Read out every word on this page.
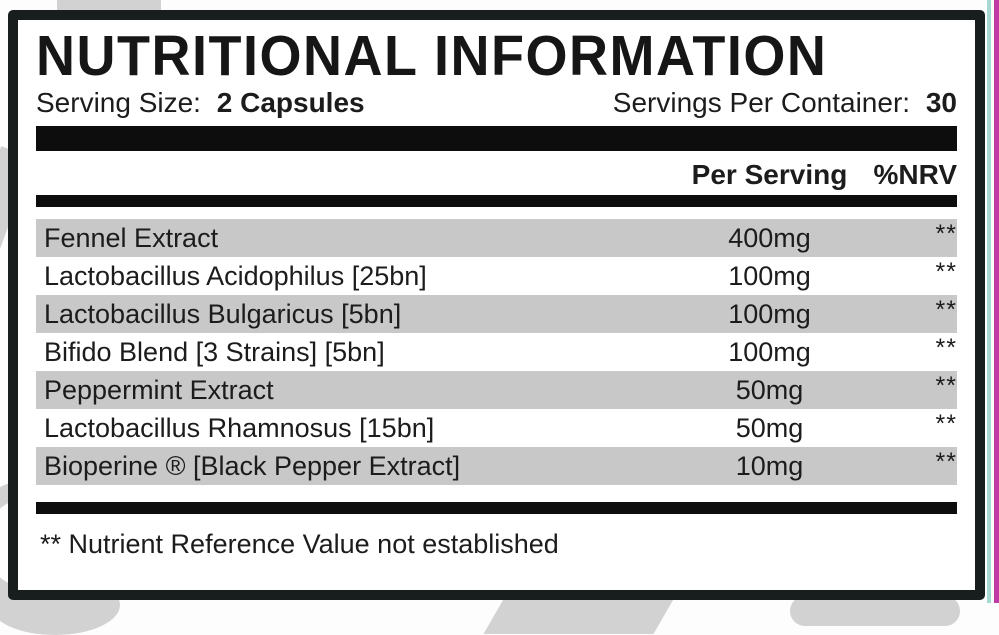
NUTRITIONAL INFORMATION
Serving Size: 2 Capsules	Servings Per Container: 30
Per Serving %NRV
Fennel Extract	400mg	**
Lactobacillus Acidophilus [25bn]	100mg	**
Lactobacillus Bulgaricus [5bn]	100mg	**
Bifido Blend [3 Strains] [5bn]	100mg	**
Peppermint Extract	50mg	**
Lactobacillus Rhamnosus [15bn]	50mg	**
Bioperine ® [Black Pepper Extract]	10mg	**
** Nutrient Reference Value not established
